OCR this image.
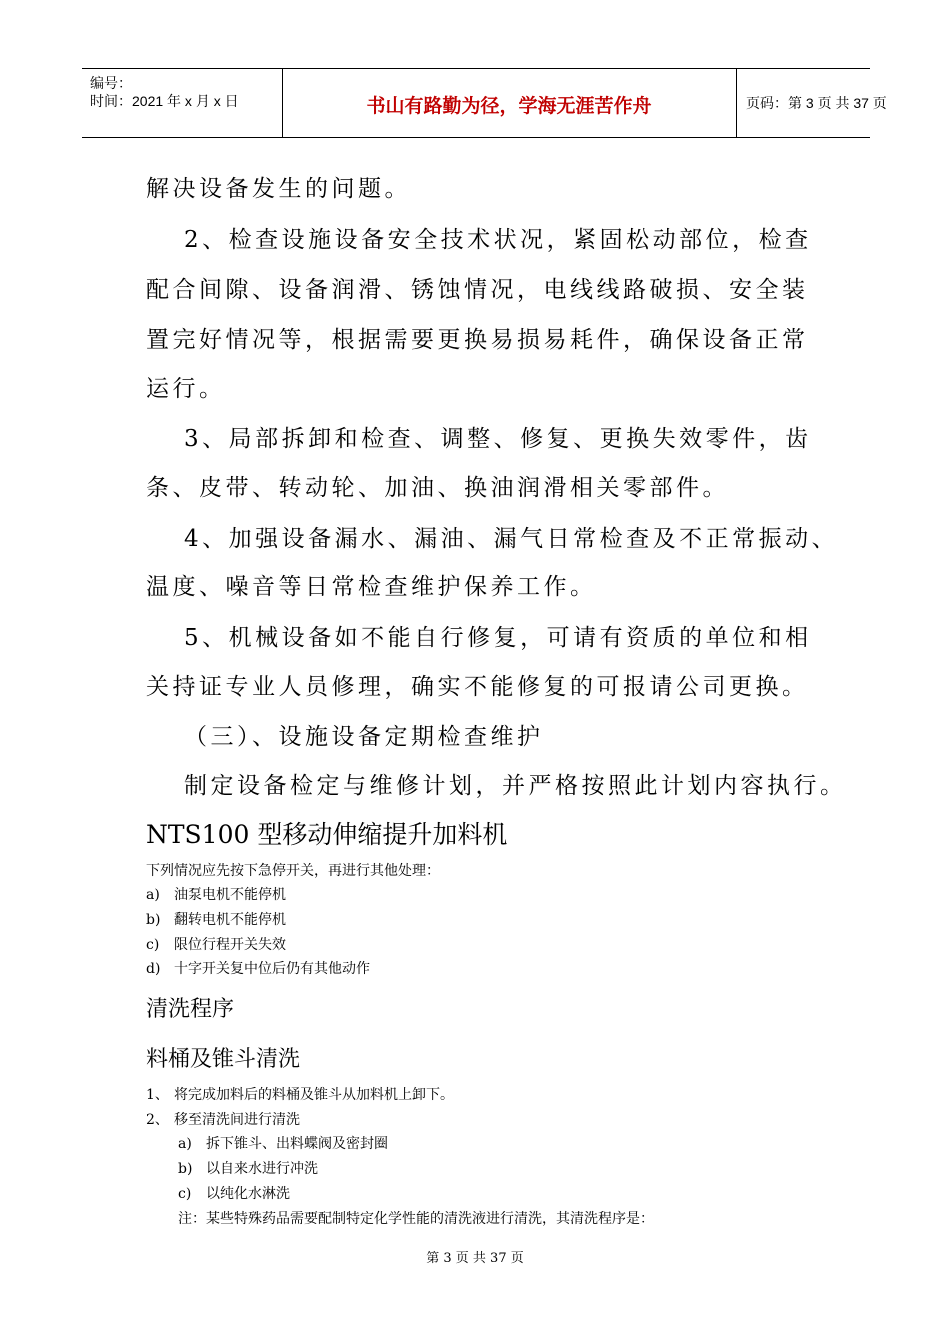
编号：
时间：2021 年 x 月 x 日	书山有路勤为径，学海无涯苦作舟	页码：第 3 页 共 37 页
解决设备发生的问题。
2、检查设施设备安全技术状况，紧固松动部位，检查
配合间隙、设备润滑、锈蚀情况，电线线路破损、安全装
置完好情况等，根据需要更换易损易耗件，确保设备正常
运行。
3、局部拆卸和检查、调整、修复、更换失效零件，齿
条、皮带、转动轮、加油、换油润滑相关零部件。
4、加强设备漏水、漏油、漏气日常检查及不正常振动、
温度、噪音等日常检查维护保养工作。
5、机械设备如不能自行修复，可请有资质的单位和相
关持证专业人员修理，确实不能修复的可报请公司更换。
（三）、设施设备定期检查维护
制定设备检定与维修计划，并严格按照此计划内容执行。
NTS100 型移动伸缩提升加料机
下列情况应先按下急停开关，再进行其他处理：
a) 油泵电机不能停机
b) 翻转电机不能停机
c) 限位行程开关失效
d) 十字开关复中位后仍有其他动作
清洗程序
料桶及锥斗清洗
1、 将完成加料后的料桶及锥斗从加料机上卸下。
2、 移至清洗间进行清洗
a) 拆下锥斗、出料蝶阀及密封圈
b) 以自来水进行冲洗
c) 以纯化水淋洗
注：某些特殊药品需要配制特定化学性能的清洗液进行清洗，其清洗程序是：
第 3 页 共 37 页
